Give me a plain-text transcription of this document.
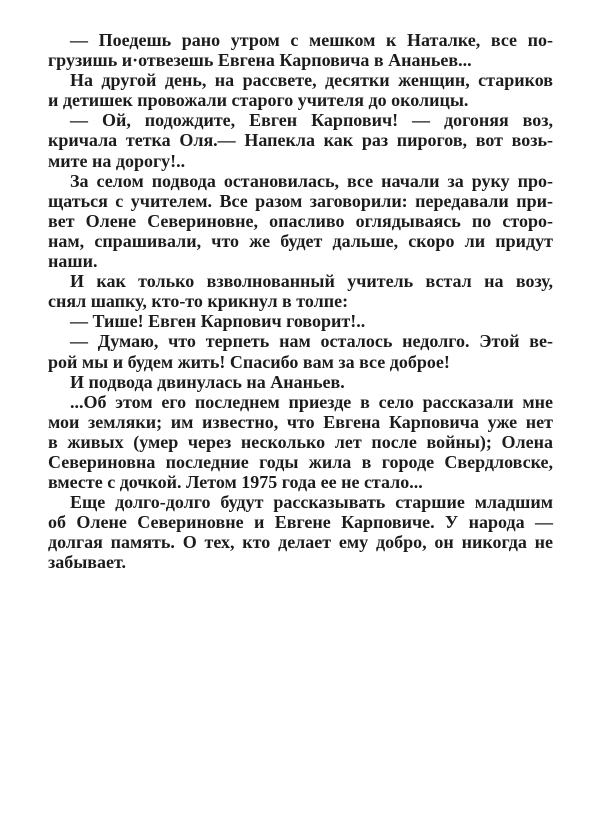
— Поедешь рано утром с мешком к Наталке, все по-
грузишь и·отвезешь Евгена Карповича в Ананьев...
На другой день, на рассвете, десятки женщин, стариков
и детишек провожали старого учителя до околицы.
— Ой, подождите, Евген Карпович! — догоняя воз,
кричала тетка Оля.— Напекла как раз пирогов, вот возь-
мите на дорогу!..
За селом подвода остановилась, все начали за руку про-
щаться с учителем. Все разом заговорили: передавали при-
вет Олене Севериновне, опасливо оглядываясь по сторо-
нам, спрашивали, что же будет дальше, скоро ли придут
наши.
И как только взволнованный учитель встал на возу,
снял шапку, кто-то крикнул в толпе:
— Тише! Евген Карпович говорит!..
— Думаю, что терпеть нам осталось недолго. Этой ве-
рой мы и будем жить! Спасибо вам за все доброе!
И подвода двинулась на Ананьев.
...Об этом его последнем приезде в село рассказали мне
мои земляки; им известно, что Евгена Карповича уже нет
в живых (умер через несколько лет после войны); Олена
Севериновна последние годы жила в городе Свердловске,
вместе с дочкой. Летом 1975 года ее не стало...
Еще долго-долго будут рассказывать старшие младшим
об Олене Севериновне и Евгене Карповиче. У народа —
долгая память. О тех, кто делает ему добро, он никогда не
забывает.
